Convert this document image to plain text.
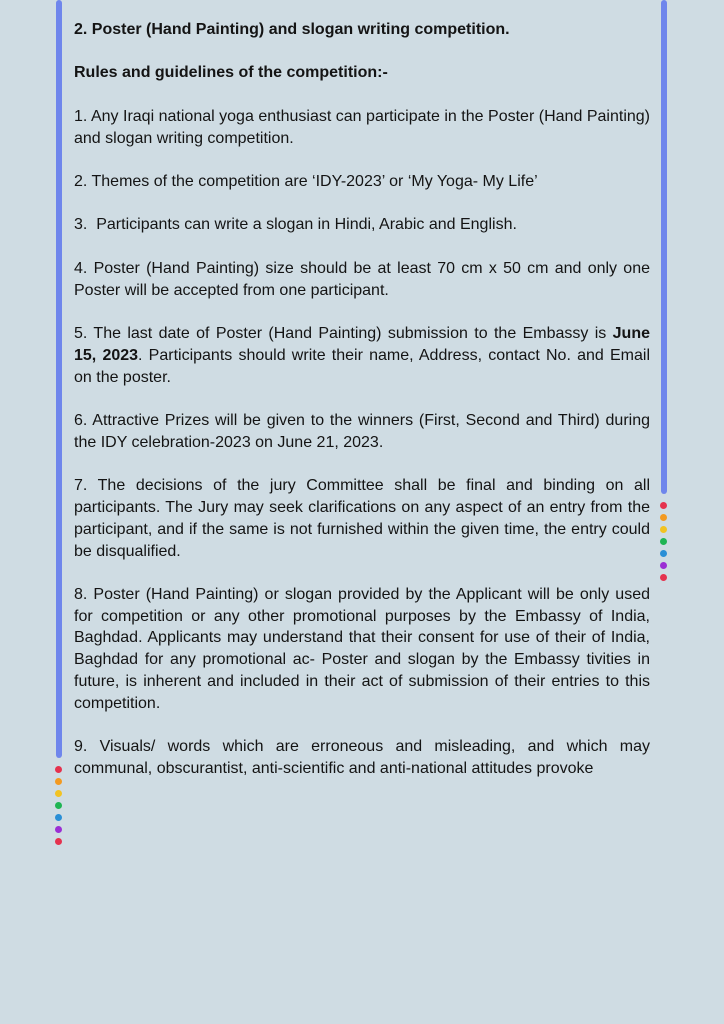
2. Poster (Hand Painting) and slogan writing competition.

Rules and guidelines of the competition:-

1. Any Iraqi national yoga enthusiast can participate in the Poster (Hand Painting) and slogan writing competition.

2. Themes of the competition are ‘IDY-2023’ or ‘My Yoga- My Life’

3.  Participants can write a slogan in Hindi, Arabic and English.

4. Poster (Hand Painting) size should be at least 70 cm x 50 cm and only one Poster will be accepted from one participant.

5. The last date of Poster (Hand Painting) submission to the Embassy is June 15, 2023. Participants should write their name, Address, contact No. and Email on the poster.

6. Attractive Prizes will be given to the winners (First, Second and Third) during the IDY celebration-2023 on June 21, 2023.

7. The decisions of the jury Committee shall be final and binding on all participants. The Jury may seek clarifications on any aspect of an entry from the participant, and if the same is not furnished within the given time, the entry could be disqualified.

8. Poster (Hand Painting) or slogan provided by the Applicant will be only used for competition or any other promotional purposes by the Embassy of India, Baghdad. Applicants may understand that their consent for use of their of India, Baghdad for any promotional ac- Poster and slogan by the Embassy tivities in future, is inherent and included in their act of submission of their entries to this competition.

9. Visuals/ words which are erroneous and misleading, and which may communal, obscurantist, anti-scientific and anti-national attitudes provoke
